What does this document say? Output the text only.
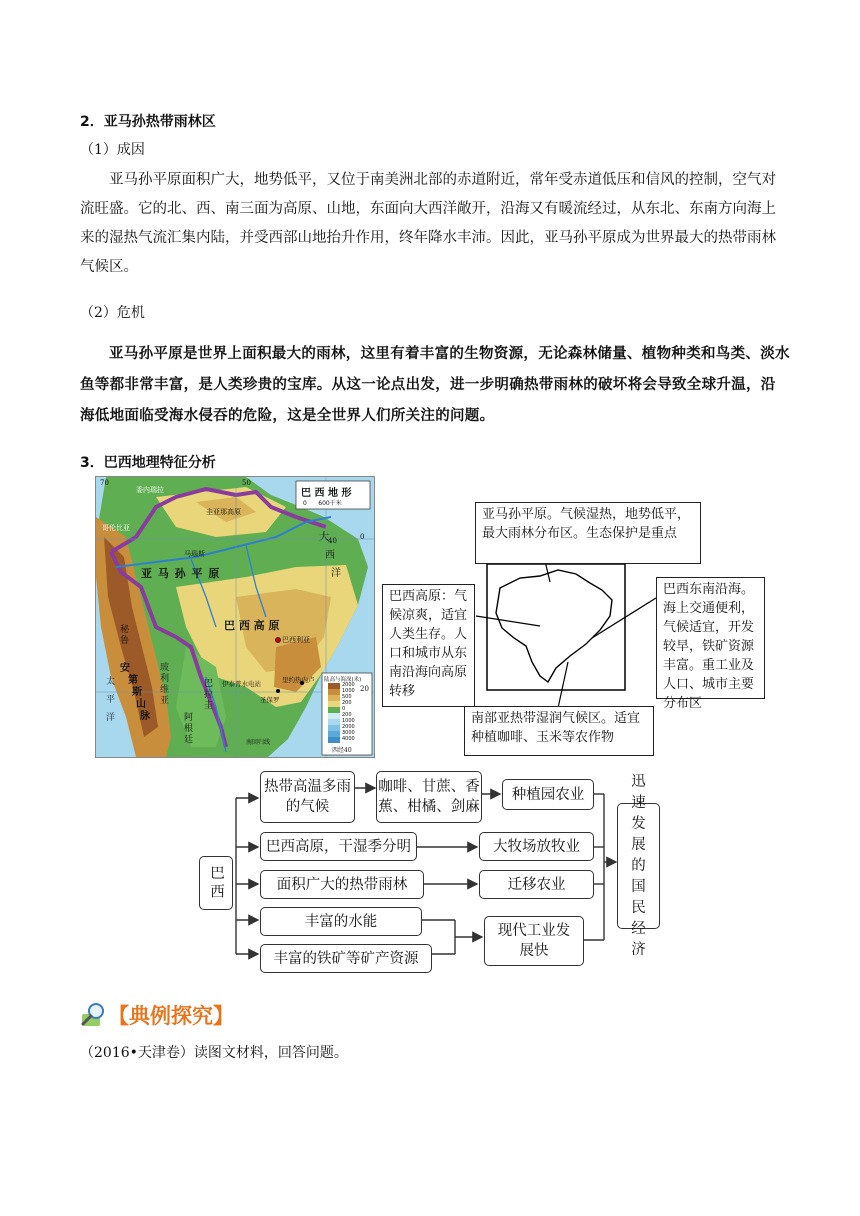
2．亚马孙热带雨林区
（1）成因
亚马孙平原面积广大，地势低平，又位于南美洲北部的赤道附近，常年受赤道低压和信风的控制，空气对流旺盛。它的北、西、南三面为高原、山地，东面向大西洋敞开，沿海又有暖流经过，从东北、东南方向海上来的湿热气流汇集内陆，并受西部山地抬升作用，终年降水丰沛。因此，亚马孙平原成为世界最大的热带雨林气候区。
（2）危机
亚马孙平原是世界上面积最大的雨林，这里有着丰富的生物资源，无论森林储量、植物种类和鸟类、淡水鱼等都非常丰富，是人类珍贵的宝库。从这一论点出发，进一步明确热带雨林的破坏将会导致全球升温，沿海低地面临受海水侵吞的危险，这是全世界人们所关注的问题。
3．巴西地理特征分析
巴 西 地 形
0      600千米
陆高与海深(米)
2000
1000
500
200
0
200
1000
2000
3000
4000
亚 马 孙 平 原
巴 西 高 原
巴西利亚
安
第
斯
山
脉
大
西
洋
太
平
洋
玻
利
维
亚
秘
鲁
巴
拉
圭
阿
根
廷
哥伦比亚
委内瑞拉
圭亚那高原
马瑙斯
伊泰普水电站
圣保罗
里约热内卢
50
40
70
0
20
西经40
南回归线
亚马孙平原。气候湿热，地势低平，最大雨林分布区。生态保护是重点
巴西高原：气候凉爽，适宜人类生存。人口和城市从东南沿海向高原转移
巴西东南沿海。海上交通便利，气候适宜，开发较早，铁矿资源丰富。重工业及人口、城市主要分布区
南部亚热带湿润气候区。适宜种植咖啡、玉米等农作物
巴西
热带高温多雨的气候
咖啡、甘蔗、香蕉、柑橘、剑麻
种植园农业
巴西高原，干湿季分明	大牧场放牧业
面积广大的热带雨林	迁移农业
丰富的水能
丰富的铁矿等矿产资源
现代工业发展快
迅速发展的国民经济
【典例探究】
（2016•天津卷）读图文材料，回答问题。
